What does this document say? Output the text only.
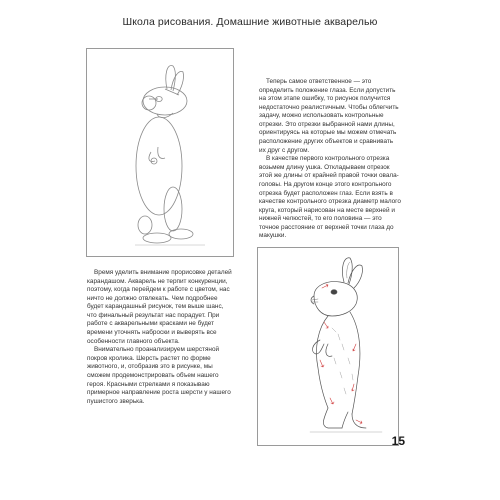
Школа рисования. Домашние животные акварелью

Теперь самое ответственное — это определить положение глаза. Если допустить на этом этапе ошибку, то рисунок получится недостаточно реалистичным. Чтобы облегчить задачу, можно использовать контрольные отрезки. Это отрезки выбранной нами длины, ориентируясь на которые мы можем отмечать расположение других объектов и сравнивать их друг с другом.

В качестве первого контрольного отрезка возьмем длину ушка. Откладываем отрезок этой же длины от крайней правой точки овала-головы. На другом конце этого контрольного отрезка будет расположен глаз. Если взять в качестве контрольного отрезка диаметр малого круга, который нарисован на месте верхней и нижней челюстей, то его половина — это точное расстояние от верхней точки глаза до макушки.

Время уделить внимание прорисовке деталей карандашом. Акварель не терпит конкуренции, поэтому, когда перейдем к работе с цветом, нас ничто не должно отвлекать. Чем подробнее будет карандашный рисунок, тем выше шанс, что финальный результат нас порадует. При работе с акварельными красками не будет времени уточнять наброски и выверять все особенности главного объекта.

Внимательно проанализируем шерстяной покров кролика. Шерсть растет по форме животного, и, отобразив это в рисунке, мы сможем продемонстрировать объем нашего героя. Красными стрелками я показываю примерное направление роста шерсти у нашего пушистого зверька.

15
